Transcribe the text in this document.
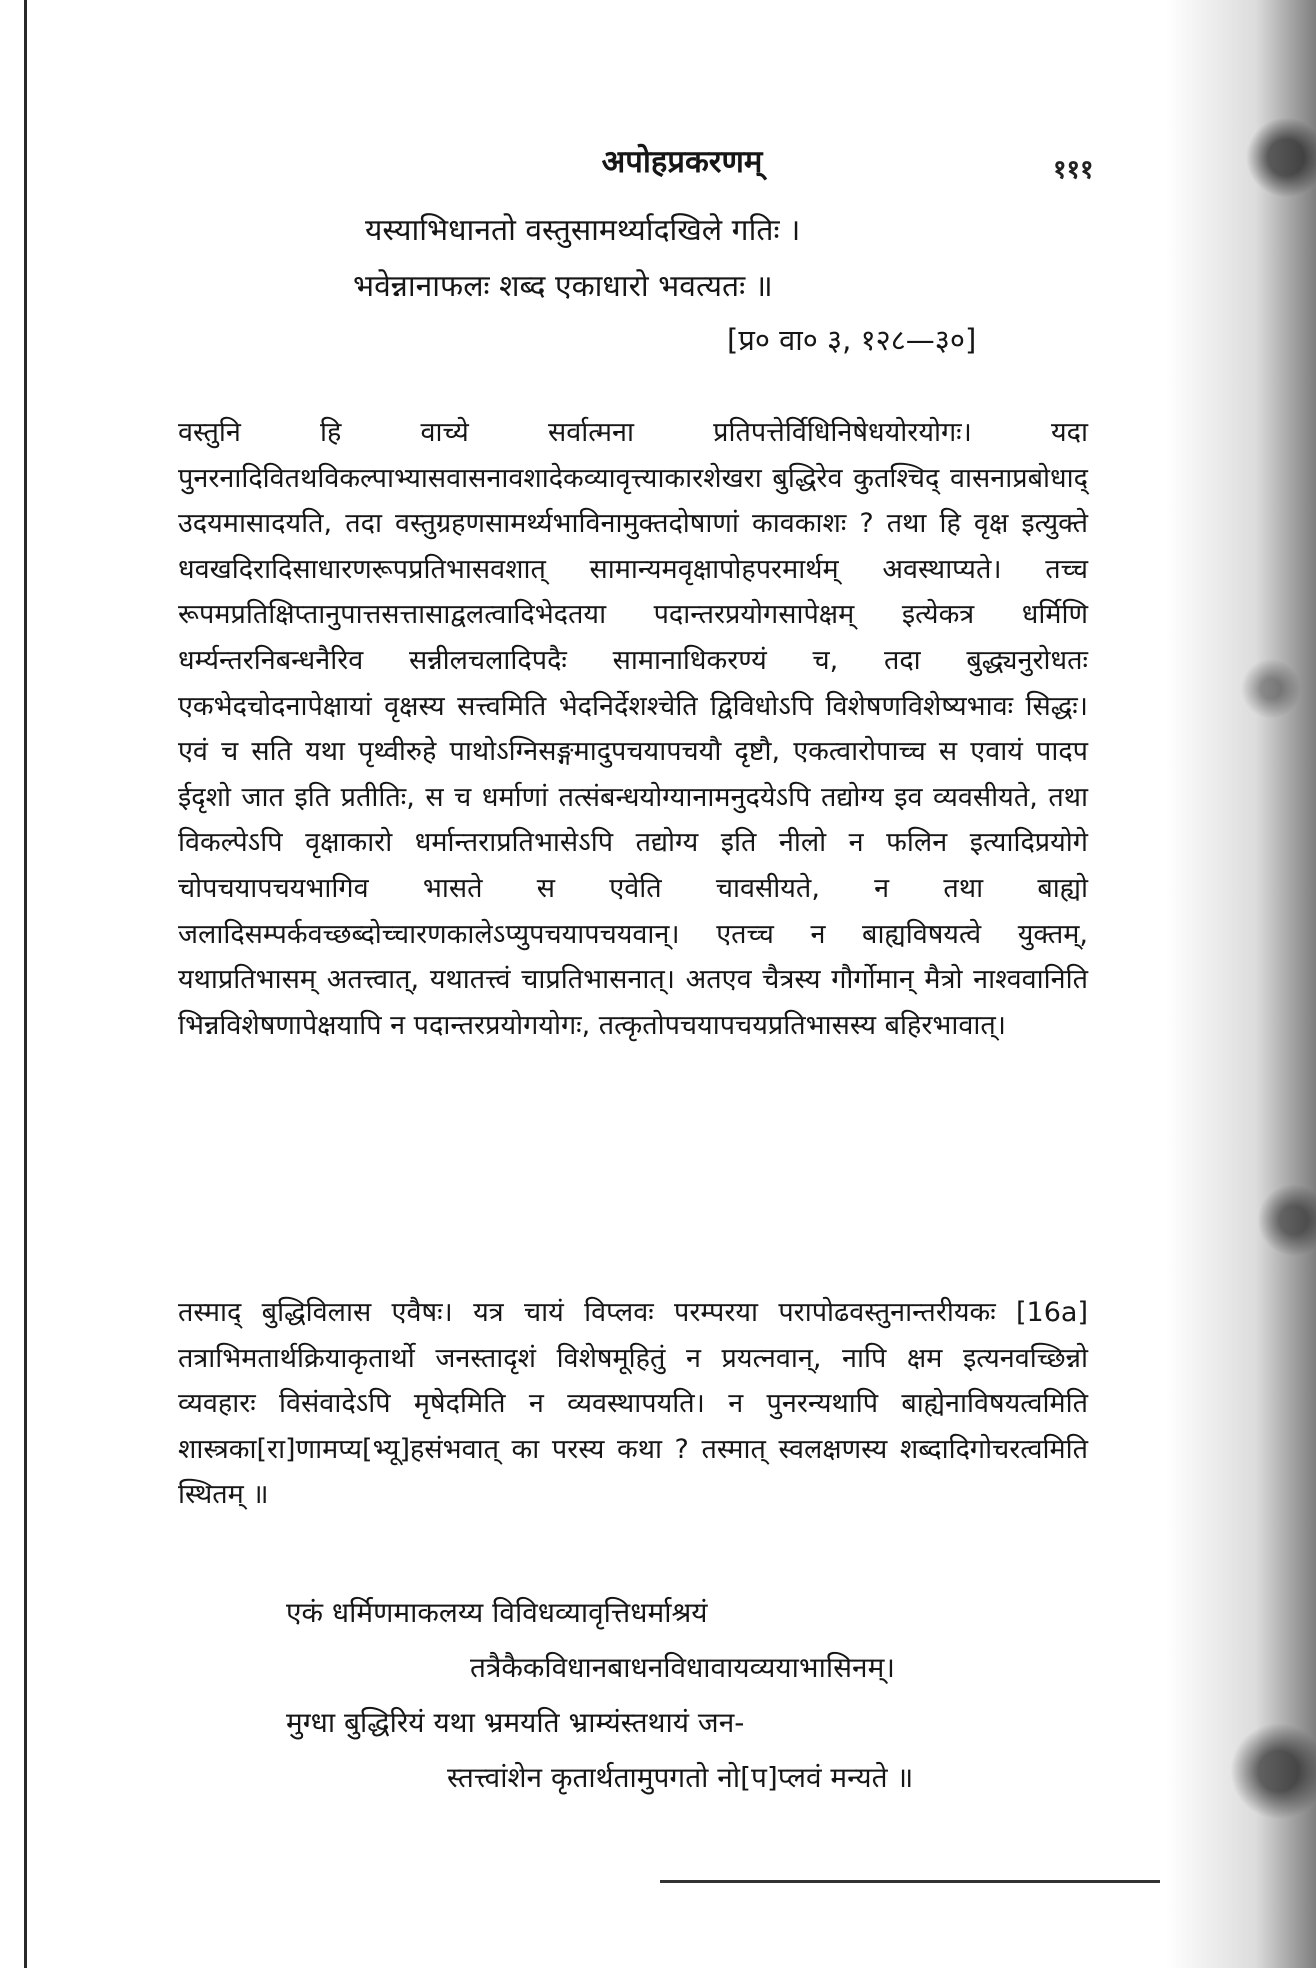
अपोहप्रकरणम्	१११
यस्याभिधानतो वस्तुसामर्थ्यादखिले गतिः ।
भवेन्नानाफलः शब्द एकाधारो भवत्यतः ॥
[प्र० वा० ३, १२८—३०]

वस्तुनि हि वाच्ये सर्वात्मना प्रतिपत्तेर्विधिनिषेधयोरयोगः। यदा पुनरनादिवितथविकल्पाभ्यासवासनावशादेकव्यावृत्त्याकारशेखरा बुद्धिरेव कुतश्चिद् वासनाप्रबोधाद् उदयमासादयति, तदा वस्तुग्रहणसामर्थ्यभाविनामुक्तदोषाणां कावकाशः ? तथा हि वृक्ष इत्युक्ते धवखदिरादिसाधारणरूपप्रतिभासवशात् सामान्यमवृक्षापोहपरमार्थम् अवस्थाप्यते। तच्च रूपमप्रतिक्षिप्तानुपात्तसत्तासाद्वलत्वादिभेदतया पदान्तरप्रयोगसापेक्षम् इत्येकत्र धर्मिणि धर्म्यन्तरनिबन्धनैरिव सन्नीलचलादिपदैः सामानाधिकरण्यं च, तदा बुद्ध्यनुरोधतः एकभेदचोदनापेक्षायां वृक्षस्य सत्त्वमिति भेदनिर्देशश्चेति द्विविधोऽपि विशेषणविशेष्यभावः सिद्धः। एवं च सति यथा पृथ्वीरुहे पाथोऽग्निसङ्गमादुपचयापचयौ दृष्टौ, एकत्वारोपाच्च स एवायं पादप ईदृशो जात इति प्रतीतिः, स च धर्माणां तत्संबन्धयोग्यानामनुदयेऽपि तद्योग्य इव व्यवसीयते, तथा विकल्पेऽपि वृक्षाकारो धर्मान्तराप्रतिभासेऽपि तद्योग्य इति नीलो न फलिन इत्यादिप्रयोगे चोपचयापचयभागिव भासते स एवेति चावसीयते, न तथा बाह्यो जलादिसम्पर्कवच्छब्दोच्चारणकालेऽप्युपचयापचयवान्। एतच्च न बाह्यविषयत्वे युक्तम्, यथाप्रतिभासम् अतत्त्वात्, यथातत्त्वं चाप्रतिभासनात्। अतएव चैत्रस्य गौर्गोमान् मैत्रो नाश्ववानिति भिन्नविशेषणापेक्षयापि न पदान्तरप्रयोगयोगः, तत्कृतोपचयापचयप्रतिभासस्य बहिरभावात्।

तस्माद् बुद्धिविलास एवैषः। यत्र चायं विप्लवः परम्परया परापोढवस्तुनान्तरीयकः [16a] तत्राभिमतार्थक्रियाकृतार्थो जनस्तादृशं विशेषमूहितुं न प्रयत्नवान्, नापि क्षम इत्यनवच्छिन्नो व्यवहारः विसंवादेऽपि मृषेदमिति न व्यवस्थापयति। न पुनरन्यथापि बाह्येनाविषयत्वमिति शास्त्रका[रा]णामप्य[भ्यू]हसंभवात् का परस्य कथा ? तस्मात् स्वलक्षणस्य शब्दादिगोचरत्वमिति स्थितम् ॥

एकं धर्मिणमाकलय्य विविधव्यावृत्तिधर्माश्रयं
तत्रैकैकविधानबाधनविधावायव्ययाभासिनम्।
मुग्धा बुद्धिरियं यथा भ्रमयति भ्राम्यंस्तथायं जन-
स्तत्त्वांशेन कृतार्थतामुपगतो नो[प]प्लवं मन्यते ॥
